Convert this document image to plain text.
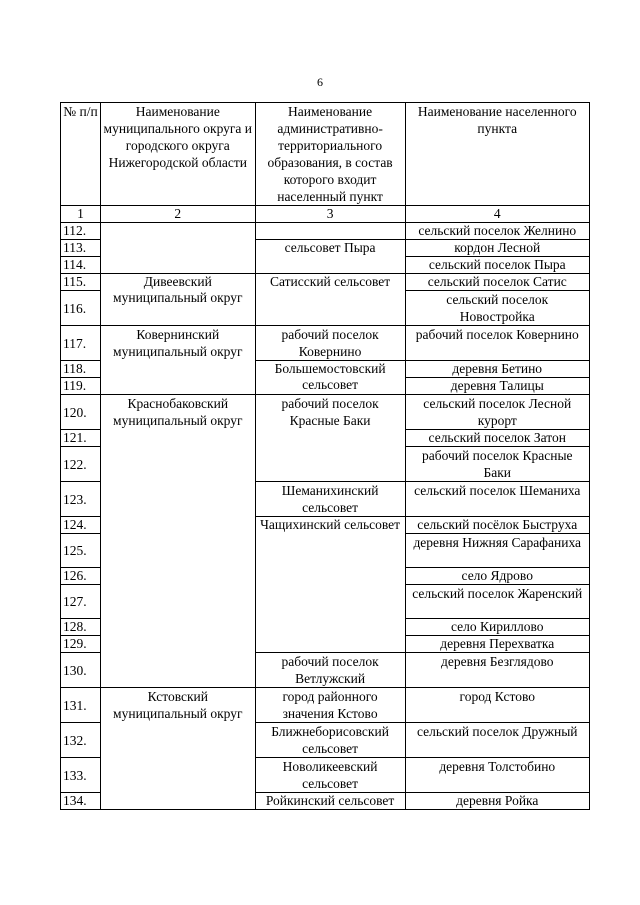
6
№ п/п	Наименование муниципального округа и городского округа Нижегородской области	Наименование административно-территориального образования, в состав которого входит населенный пункт	Наименование населенного пункта
1	2	3	4
112.			сельский поселок Желнино
113.		сельсовет Пыра	кордон Лесной
114.			сельский поселок Пыра
115.	Дивеевский муниципальный округ	Сатисский сельсовет	сельский поселок Сатис
116.			сельский поселок Новостройка
117.	Ковернинский муниципальный округ	рабочий поселок Ковернино	рабочий поселок Ковернино
118.		Большемостовский сельсовет	деревня Бетино
119.			деревня Талицы
120.	Краснобаковский муниципальный округ	рабочий поселок Красные Баки	сельский поселок Лесной курорт
121.			сельский поселок Затон
122.			рабочий поселок Красные Баки
123.		Шеманихинский сельсовет	сельский поселок Шеманиха
124.		Чащихинский сельсовет	сельский посёлок Быструха
125.			деревня Нижняя Сарафаниха
126.			село Ядрово
127.			сельский поселок Жаренский
128.			село Кириллово
129.			деревня Перехватка
130.		рабочий поселок Ветлужский	деревня Безглядово
131.	Кстовский муниципальный округ	город районного значения Кстово	город Кстово
132.		Ближнеборисовский сельсовет	сельский поселок Дружный
133.		Новоликеевский сельсовет	деревня Толстобино
134.		Ройкинский сельсовет	деревня Ройка
